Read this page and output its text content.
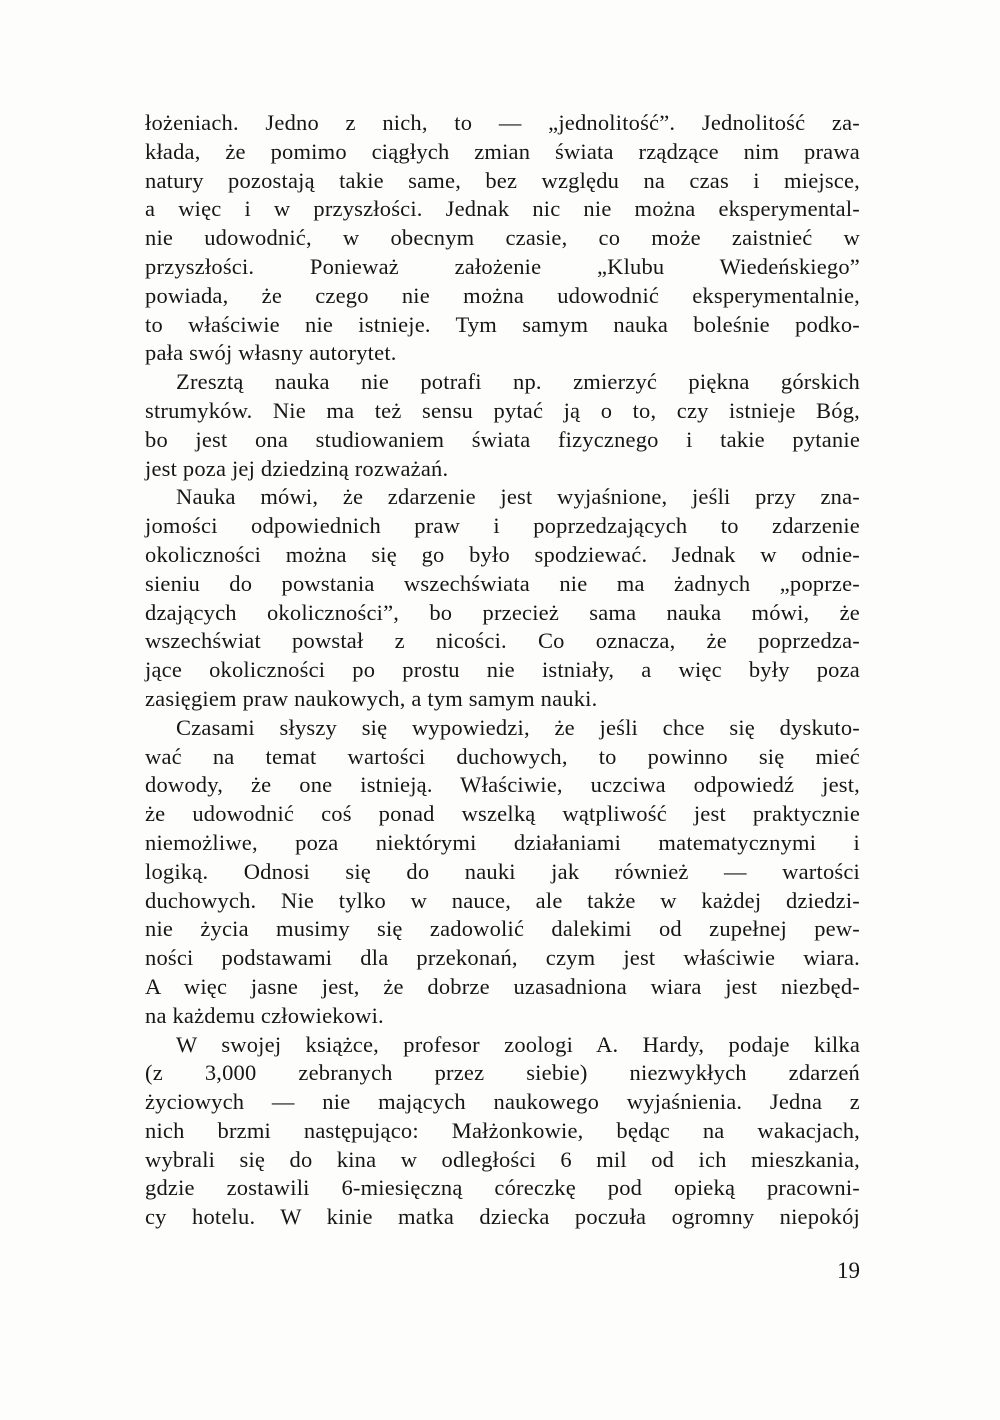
łożeniach. Jedno z nich, to — „jednolitość”. Jednolitość za-
kłada, że pomimo ciągłych zmian świata rządzące nim prawa
natury pozostają takie same, bez względu na czas i miejsce,
a więc i w przyszłości. Jednak nic nie można eksperymental-
nie udowodnić, w obecnym czasie, co może zaistnieć w
przyszłości. Ponieważ założenie „Klubu Wiedeńskiego”
powiada, że czego nie można udowodnić eksperymentalnie,
to właściwie nie istnieje. Tym samym nauka boleśnie podko-
pała swój własny autorytet.
Zresztą nauka nie potrafi np. zmierzyć piękna górskich
strumyków. Nie ma też sensu pytać ją o to, czy istnieje Bóg,
bo jest ona studiowaniem świata fizycznego i takie pytanie
jest poza jej dziedziną rozważań.
Nauka mówi, że zdarzenie jest wyjaśnione, jeśli przy zna-
jomości odpowiednich praw i poprzedzających to zdarzenie
okoliczności można się go było spodziewać. Jednak w odnie-
sieniu do powstania wszechświata nie ma żadnych „poprze-
dzających okoliczności”, bo przecież sama nauka mówi, że
wszechświat powstał z nicości. Co oznacza, że poprzedza-
jące okoliczności po prostu nie istniały, a więc były poza
zasięgiem praw naukowych, a tym samym nauki.
Czasami słyszy się wypowiedzi, że jeśli chce się dyskuto-
wać na temat wartości duchowych, to powinno się mieć
dowody, że one istnieją. Właściwie, uczciwa odpowiedź jest,
że udowodnić coś ponad wszelką wątpliwość jest praktycznie
niemożliwe, poza niektórymi działaniami matematycznymi i
logiką. Odnosi się do nauki jak również — wartości
duchowych. Nie tylko w nauce, ale także w każdej dziedzi-
nie życia musimy się zadowolić dalekimi od zupełnej pew-
ności podstawami dla przekonań, czym jest właściwie wiara.
A więc jasne jest, że dobrze uzasadniona wiara jest niezbęd-
na każdemu człowiekowi.
W swojej książce, profesor zoologi A. Hardy, podaje kilka
(z 3,000 zebranych przez siebie) niezwykłych zdarzeń
życiowych — nie mających naukowego wyjaśnienia. Jedna z
nich brzmi następująco: Małżonkowie, będąc na wakacjach,
wybrali się do kina w odległości 6 mil od ich mieszkania,
gdzie zostawili 6-miesięczną córeczkę pod opieką pracowni-
cy hotelu. W kinie matka dziecka poczuła ogromny niepokój
19
